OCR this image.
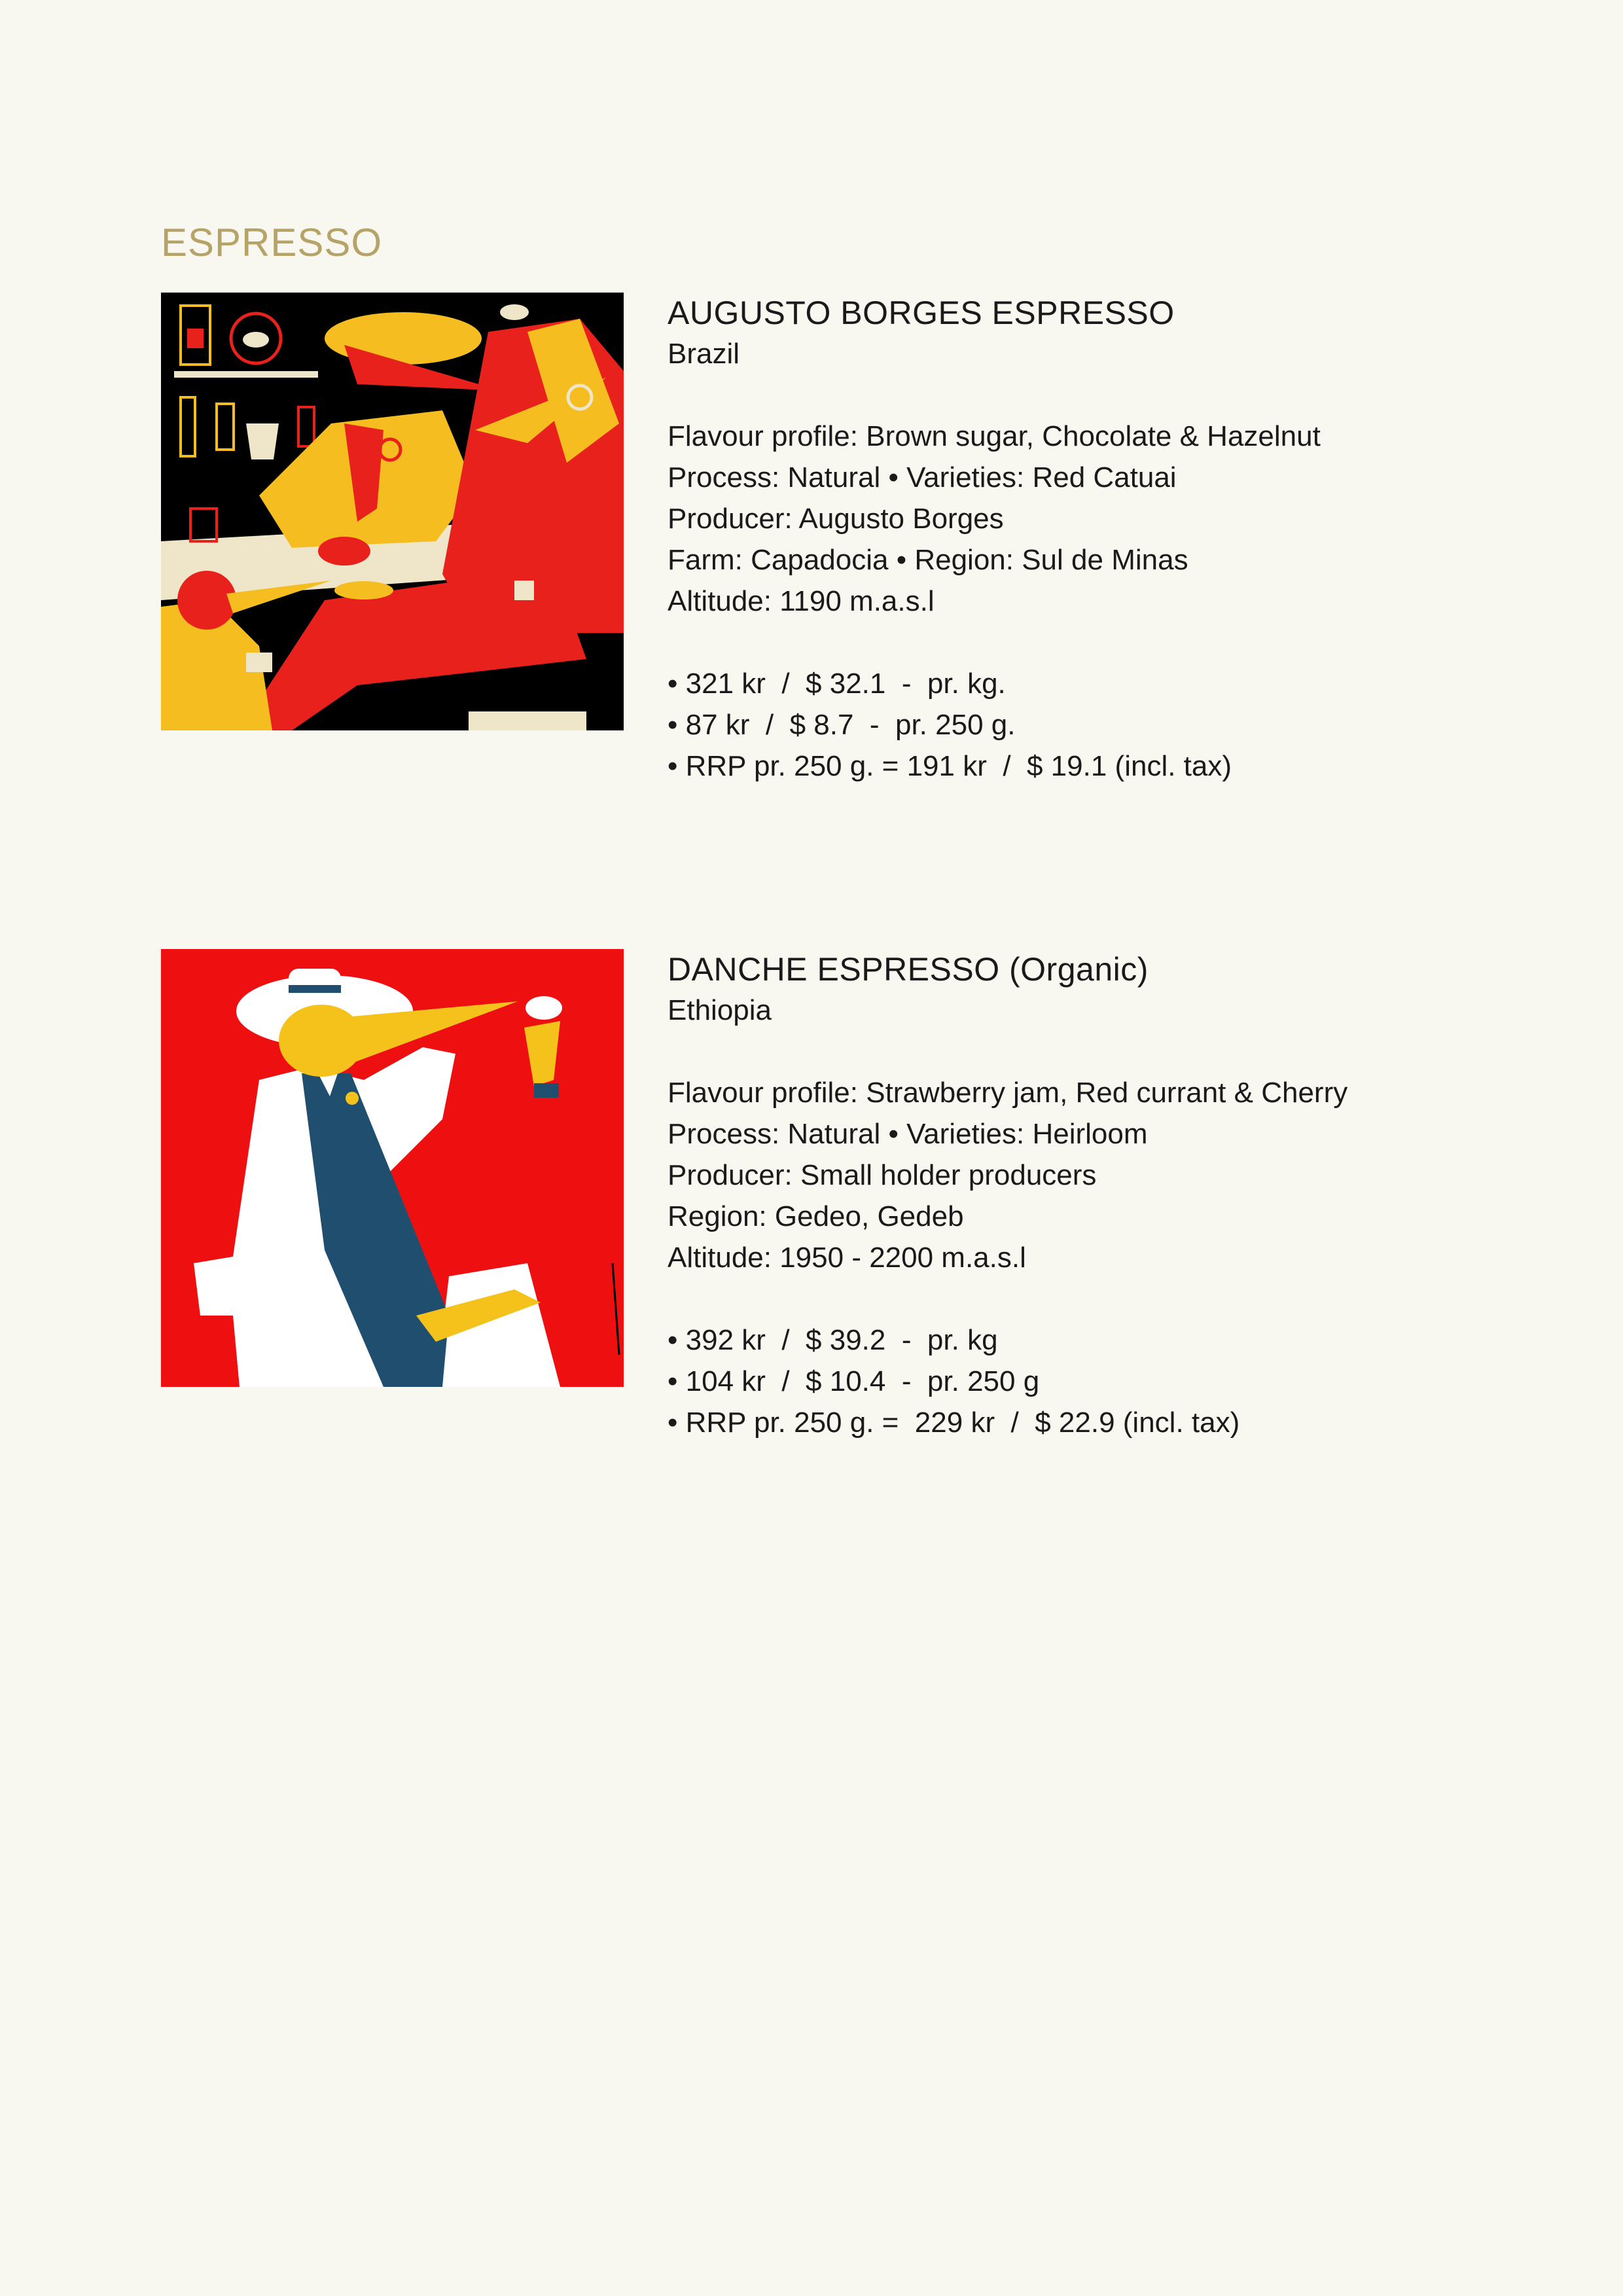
ESPRESSO
AUGUSTO BORGES ESPRESSO
Brazil
Flavour profile: Brown sugar, Chocolate & Hazelnut
Process: Natural • Varieties: Red Catuai
Producer: Augusto Borges
Farm: Capadocia • Region: Sul de Minas
Altitude: 1190 m.a.s.l
• 321 kr  /  $ 32.1  -  pr. kg.
• 87 kr  /  $ 8.7  -  pr. 250 g.
• RRP pr. 250 g. = 191 kr  /  $ 19.1 (incl. tax)
DANCHE ESPRESSO (Organic)
Ethiopia
Flavour profile: Strawberry jam, Red currant & Cherry
Process: Natural • Varieties: Heirloom
Producer: Small holder producers
Region: Gedeo, Gedeb
Altitude: 1950 - 2200 m.a.s.l
• 392 kr  /  $ 39.2  -  pr. kg
• 104 kr  /  $ 10.4  -  pr. 250 g
• RRP pr. 250 g. =  229 kr  /  $ 22.9 (incl. tax)
